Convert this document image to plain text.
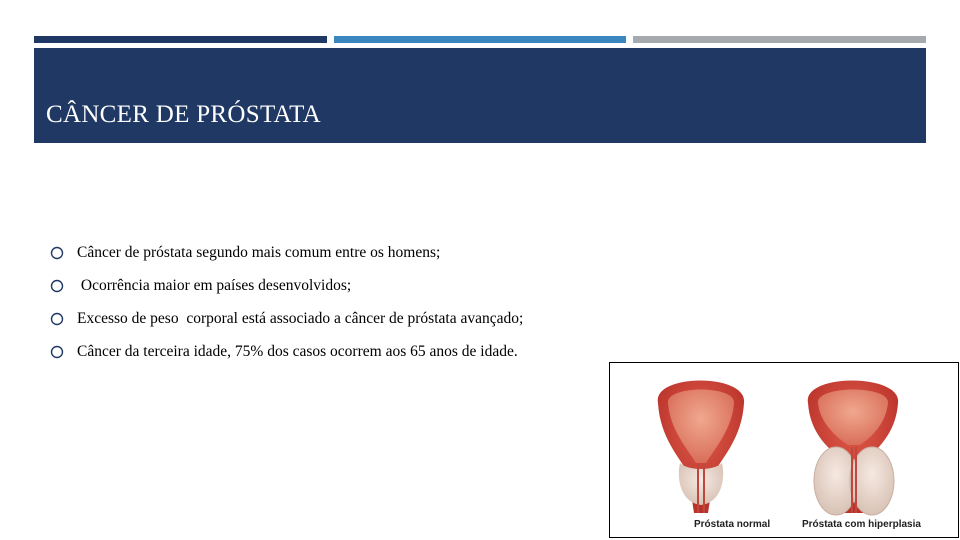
CÂNCER DE PRÓSTATA
Câncer de próstata segundo mais comum entre os homens;
Ocorrência maior em países desenvolvidos;
Excesso de peso  corporal está associado a câncer de próstata avançado;
Câncer da terceira idade, 75% dos casos ocorrem aos 65 anos de idade.
Próstata normal	Próstata com hiperplasia
